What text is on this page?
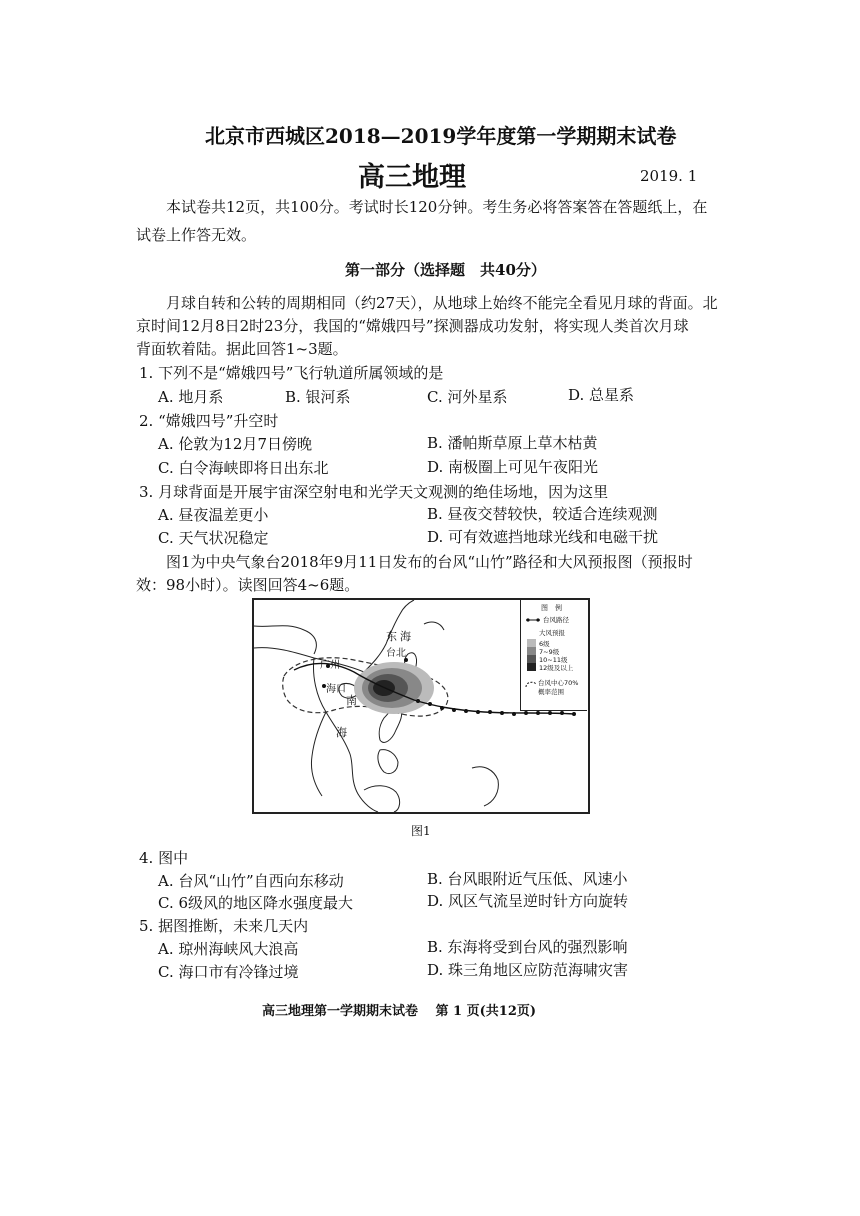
北京市西城区2018—2019学年度第一学期期末试卷
高三地理	2019. 1
本试卷共12页，共100分。考试时长120分钟。考生务必将答案答在答题纸上，在
试卷上作答无效。
第一部分（选择题　共40分）
月球自转和公转的周期相同（约27天），从地球上始终不能完全看见月球的背面。北
京时间12月8日2时23分，我国的“嫦娥四号”探测器成功发射，将实现人类首次月球
背面软着陆。据此回答1~3题。
1. 下列不是“嫦娥四号”飞行轨道所属领域的是
A. 地月系	B. 银河系	C. 河外星系	D. 总星系
2. “嫦娥四号”升空时
A. 伦敦为12月7日傍晚	B. 潘帕斯草原上草木枯黄
C. 白令海峡即将日出东北	D. 南极圈上可见午夜阳光
3. 月球背面是开展宇宙深空射电和光学天文观测的绝佳场地，因为这里
A. 昼夜温差更小	B. 昼夜交替较快，较适合连续观测
C. 天气状况稳定	D. 可有效遮挡地球光线和电磁干扰
图1为中央气象台2018年9月11日发布的台风“山竹”路径和大风预报图（预报时
效：98小时）。读图回答4~6题。
东 海
台北
广州
海口
南
海
图　例
台风路径
大风预报
6级
7~9级
10~11级
12级及以上
台风中心70%
概率范围
图1
4. 图中
A. 台风“山竹”自西向东移动	B. 台风眼附近气压低、风速小
C. 6级风的地区降水强度最大	D. 风区气流呈逆时针方向旋转
5. 据图推断，未来几天内
A. 琼州海峡风大浪高	B. 东海将受到台风的强烈影响
C. 海口市有冷锋过境	D. 珠三角地区应防范海啸灾害
高三地理第一学期期末试卷　 第 1 页(共12页)
